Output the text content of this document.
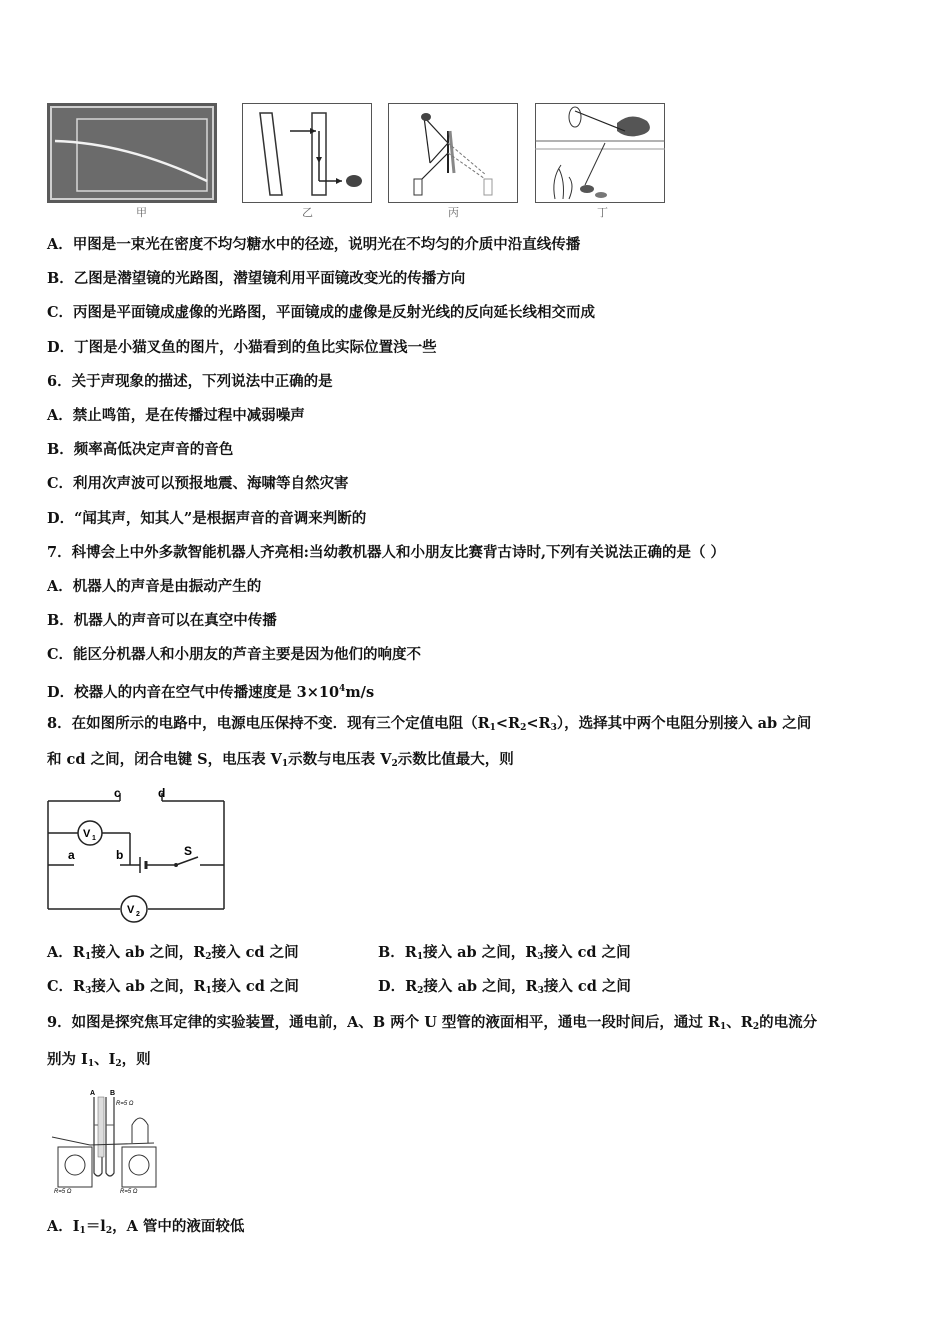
甲	乙	丙	丁
A．甲图是一束光在密度不均匀糖水中的径迹，说明光在不均匀的介质中沿直线传播
B．乙图是潜望镜的光路图，潜望镜利用平面镜改变光的传播方向
C．丙图是平面镜成虚像的光路图，平面镜成的虚像是反射光线的反向延长线相交而成
D．丁图是小猫叉鱼的图片，小猫看到的鱼比实际位置浅一些
6．关于声现象的描述，下列说法中正确的是
A．禁止鸣笛，是在传播过程中减弱噪声
B．频率高低决定声音的音色
C．利用次声波可以预报地震、海啸等自然灾害
D．“闻其声，知其人”是根据声音的音调来判断的
7．科博会上中外多款智能机器人齐亮相:当幼教机器人和小朋友比赛背古诗时,下列有关说法正确的是（ ）
A．机器人的声音是由振动产生的
B．机器人的声音可以在真空中传播
C．能区分机器人和小朋友的芦音主要是因为他们的响度不
D．校器人的内音在空气中传播速度是 $3\times 10^4m/s$
8．在如图所示的电路中，电源电压保持不变．现有三个定值电阻$(R_1<R_2<R_3)$，选择其中两个电阻分别接入 ab 之间
和 cd 之间，闭合电键 S，电压表 $V_1$示数与电压表 $V_2$示数比值最大，则
c	d
V 1
a	b	S
V 2
A．$R_1$接入 ab 之间，$R_2$接入 cd 之间	B．$R_1$接入 ab 之间，$R_3$接入 cd 之间
C．$R_3$接入 ab 之间，$R_1$接入 cd 之间	D．$R_2$接入 ab 之间，$R_3$接入 cd 之间
9．如图是探究焦耳定律的实验装置，通电前，A、B 两个 U 型管的液面相平，通电一段时间后，通过 $R_1$、$R_2$的电流分
别为 $I_1$、$I_2$，则
A B
R=5 Ω
R=5 Ω	R=5 Ω
A．$I_1=l_2$，A 管中的液面较低
